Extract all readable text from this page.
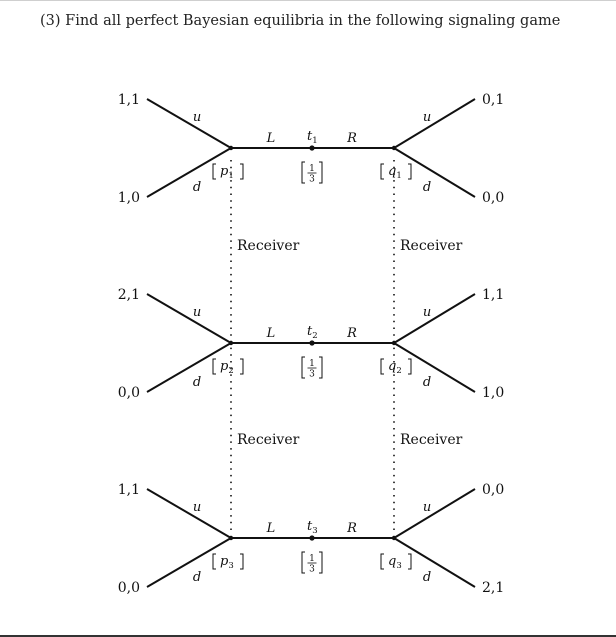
(3) Find all perfect Bayesian equilibria in the following signaling game
$t_1$
1
3
L	R
u
d
u
d
$p_1$	$q_1$
1,1
1,0
0,1
0,0
$t_2$
1
3
L	R
u
d
u
d
$p_2$	$q_2$
2,1
0,0
1,1
1,0
$t_3$
1
3
L	R
u
d
u
d
$p_3$	$q_3$
1,1
0,0
0,0
2,1
Receiver	Receiver
Receiver	Receiver
